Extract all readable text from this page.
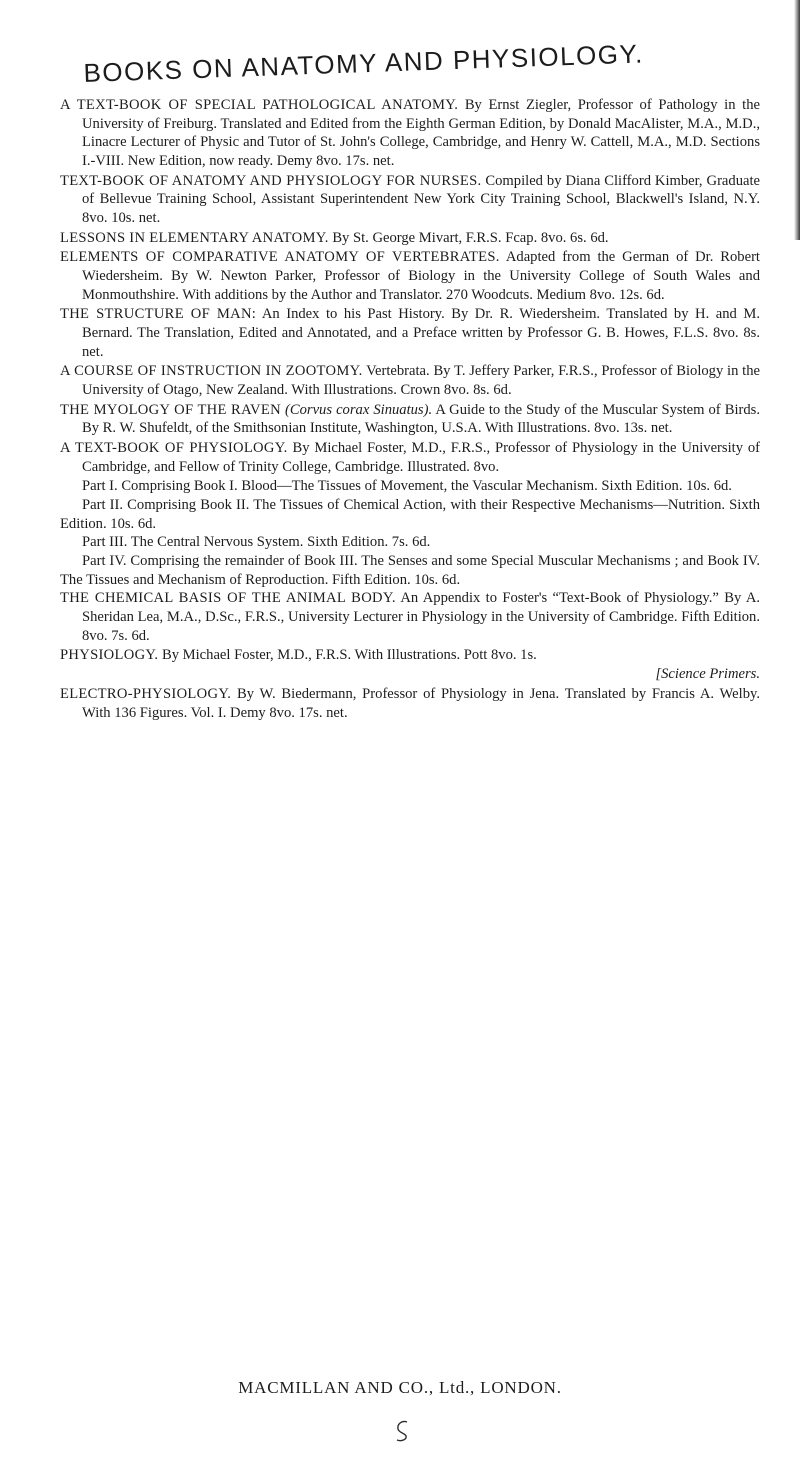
BOOKS ON ANATOMY AND PHYSIOLOGY.

A TEXT-BOOK OF SPECIAL PATHOLOGICAL ANATOMY. By Ernst Ziegler, Professor of Pathology in the University of Freiburg. Translated and Edited from the Eighth German Edition, by Donald MacAlister, M.A., M.D., Linacre Lecturer of Physic and Tutor of St. John's College, Cambridge, and Henry W. Cattell, M.A., M.D. Sections I.-VIII. New Edition, now ready. Demy 8vo. 17s. net.

TEXT-BOOK OF ANATOMY AND PHYSIOLOGY FOR NURSES. Compiled by Diana Clifford Kimber, Graduate of Bellevue Training School, Assistant Superintendent New York City Training School, Blackwell's Island, N.Y. 8vo. 10s. net.

LESSONS IN ELEMENTARY ANATOMY. By St. George Mivart, F.R.S. Fcap. 8vo. 6s. 6d.

ELEMENTS OF COMPARATIVE ANATOMY OF VERTEBRATES. Adapted from the German of Dr. Robert Wiedersheim. By W. Newton Parker, Professor of Biology in the University College of South Wales and Monmouthshire. With additions by the Author and Translator. 270 Woodcuts. Medium 8vo. 12s. 6d.

THE STRUCTURE OF MAN: An Index to his Past History. By Dr. R. Wiedersheim. Translated by H. and M. Bernard. The Translation, Edited and Annotated, and a Preface written by Professor G. B. Howes, F.L.S. 8vo. 8s. net.

A COURSE OF INSTRUCTION IN ZOOTOMY. Vertebrata. By T. Jeffery Parker, F.R.S., Professor of Biology in the University of Otago, New Zealand. With Illustrations. Crown 8vo. 8s. 6d.

THE MYOLOGY OF THE RAVEN (Corvus corax Sinuatus). A Guide to the Study of the Muscular System of Birds. By R. W. Shufeldt, of the Smithsonian Institute, Washington, U.S.A. With Illustrations. 8vo. 13s. net.

A TEXT-BOOK OF PHYSIOLOGY. By Michael Foster, M.D., F.R.S., Professor of Physiology in the University of Cambridge, and Fellow of Trinity College, Cambridge. Illustrated. 8vo.

Part I. Comprising Book I. Blood—The Tissues of Movement, the Vascular Mechanism. Sixth Edition. 10s. 6d.

Part II. Comprising Book II. The Tissues of Chemical Action, with their Respective Mechanisms—Nutrition. Sixth Edition. 10s. 6d.

Part III. The Central Nervous System. Sixth Edition. 7s. 6d.

Part IV. Comprising the remainder of Book III. The Senses and some Special Muscular Mechanisms ; and Book IV. The Tissues and Mechanism of Reproduction. Fifth Edition. 10s. 6d.

THE CHEMICAL BASIS OF THE ANIMAL BODY. An Appendix to Foster's “Text-Book of Physiology.” By A. Sheridan Lea, M.A., D.Sc., F.R.S., University Lecturer in Physiology in the University of Cambridge. Fifth Edition. 8vo. 7s. 6d.

PHYSIOLOGY. By Michael Foster, M.D., F.R.S. With Illustrations. Pott 8vo. 1s.
[Science Primers.

ELECTRO-PHYSIOLOGY. By W. Biedermann, Professor of Physiology in Jena. Translated by Francis A. Welby. With 136 Figures. Vol. I. Demy 8vo. 17s. net.

MACMILLAN AND CO., Ltd., LONDON.
